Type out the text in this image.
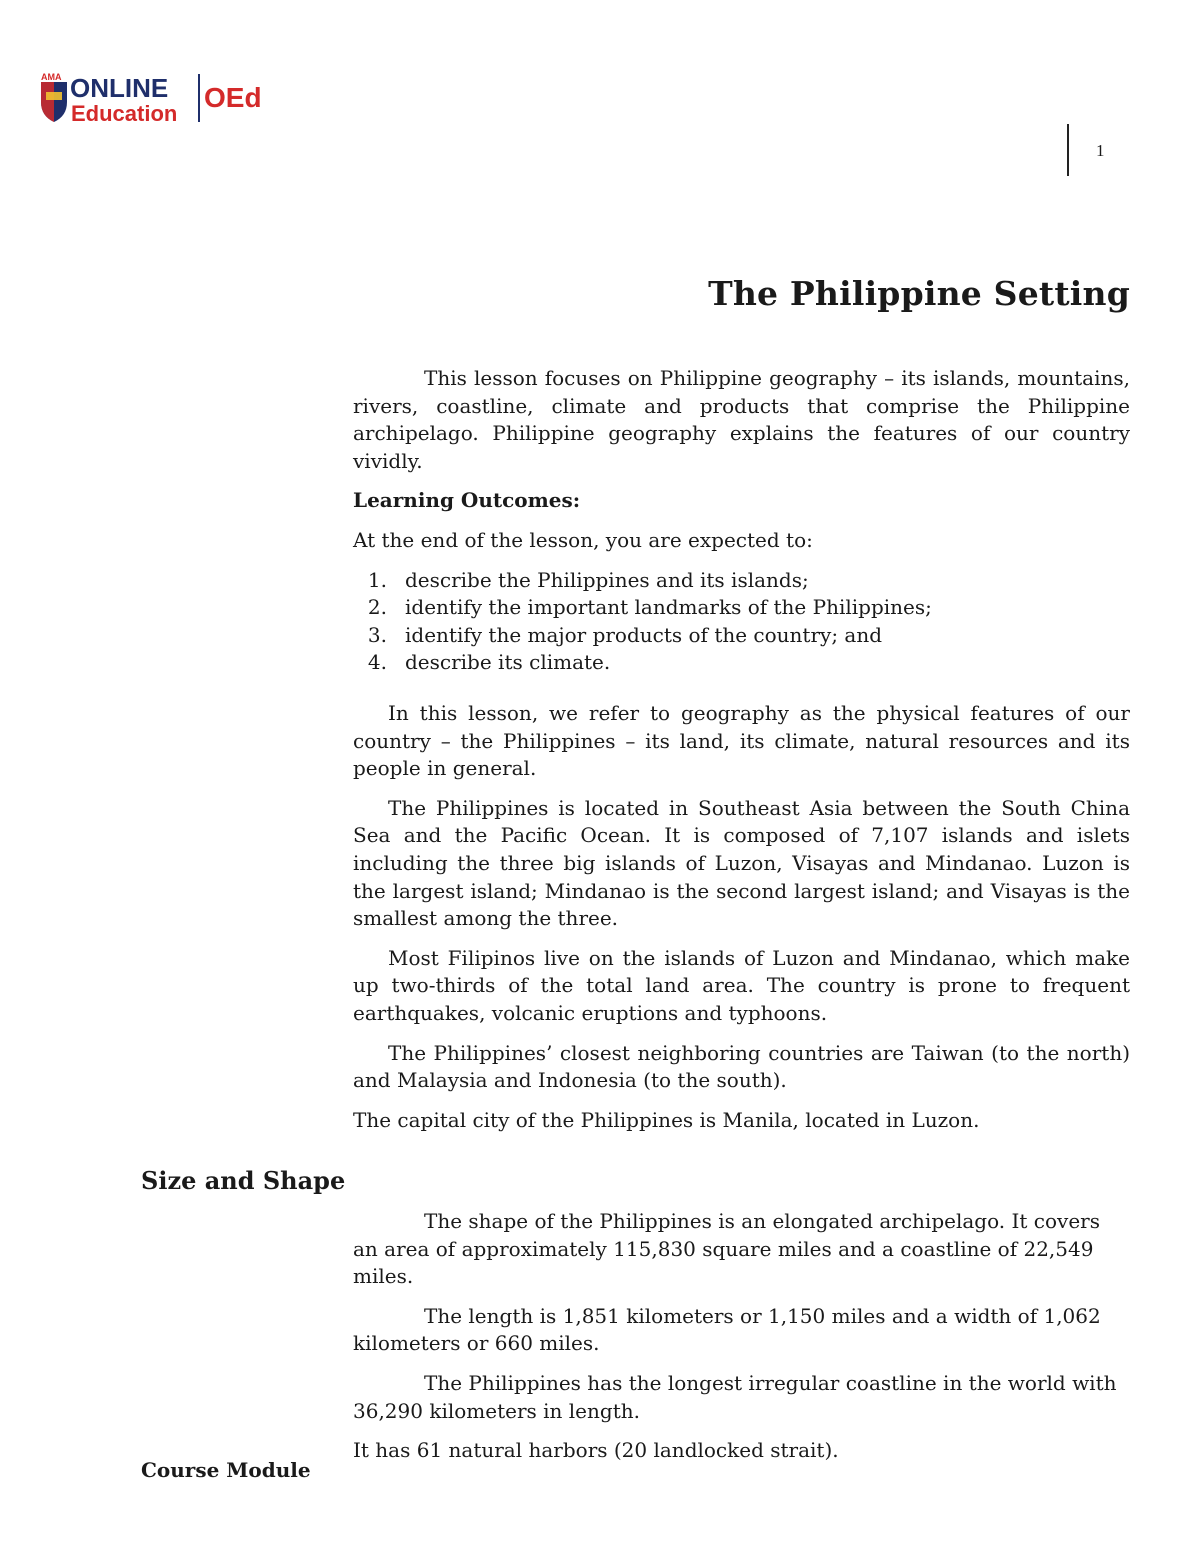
AMA ONLINE
Education
OEd
1
The Philippine Setting

This lesson focuses on Philippine geography – its islands, mountains, rivers, coastline, climate and products that comprise the Philippine archipelago. Philippine geography explains the features of our country vividly.

Learning Outcomes:

At the end of the lesson, you are expected to:

1. describe the Philippines and its islands;
2. identify the important landmarks of the Philippines;
3. identify the major products of the country; and
4. describe its climate.

In this lesson, we refer to geography as the physical features of our country – the Philippines – its land, its climate, natural resources and its people in general.

The Philippines is located in Southeast Asia between the South China Sea and the Pacific Ocean. It is composed of 7,107 islands and islets including the three big islands of Luzon, Visayas and Mindanao. Luzon is the largest island; Mindanao is the second largest island; and Visayas is the smallest among the three.

Most Filipinos live on the islands of Luzon and Mindanao, which make up two-thirds of the total land area. The country is prone to frequent earthquakes, volcanic eruptions and typhoons.

The Philippines’ closest neighboring countries are Taiwan (to the north) and Malaysia and Indonesia (to the south).

The capital city of the Philippines is Manila, located in Luzon.

Size and Shape

The shape of the Philippines is an elongated archipelago. It covers an area of approximately 115,830 square miles and a coastline of 22,549 miles.

The length is 1,851 kilometers or 1,150 miles and a width of 1,062 kilometers or 660 miles.

The Philippines has the longest irregular coastline in the world with 36,290 kilometers in length.

It has 61 natural harbors (20 landlocked strait).

Course Module
